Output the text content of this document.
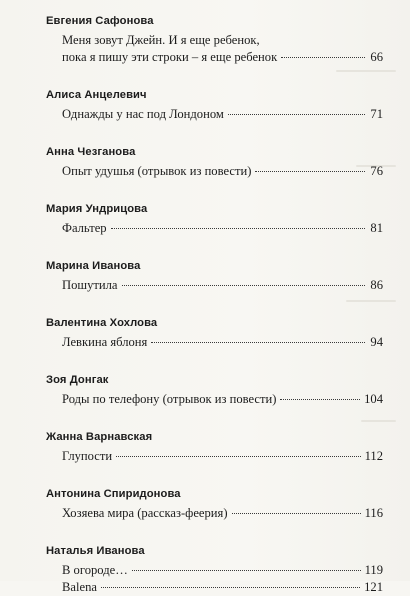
Евгения Сафонова
Меня зовут Джейн. И я еще ребенок,
пока я пишу эти строки – я еще ребенок	66
Алиса Анцелевич
Однажды у нас под Лондоном	71
Анна Чезганова
Опыт удушья (отрывок из повести)	76
Мария Ундрицова
Фальтер	81
Марина Иванова
Пошутила	86
Валентина Хохлова
Левкина яблоня	94
Зоя Донгак
Роды по телефону (отрывок из повести)	104
Жанна Варнавская
Глупости	112
Антонина Спиридонова
Хозяева мира (рассказ-феерия)	116
Наталья Иванова
В огороде…	119
Balena	121
